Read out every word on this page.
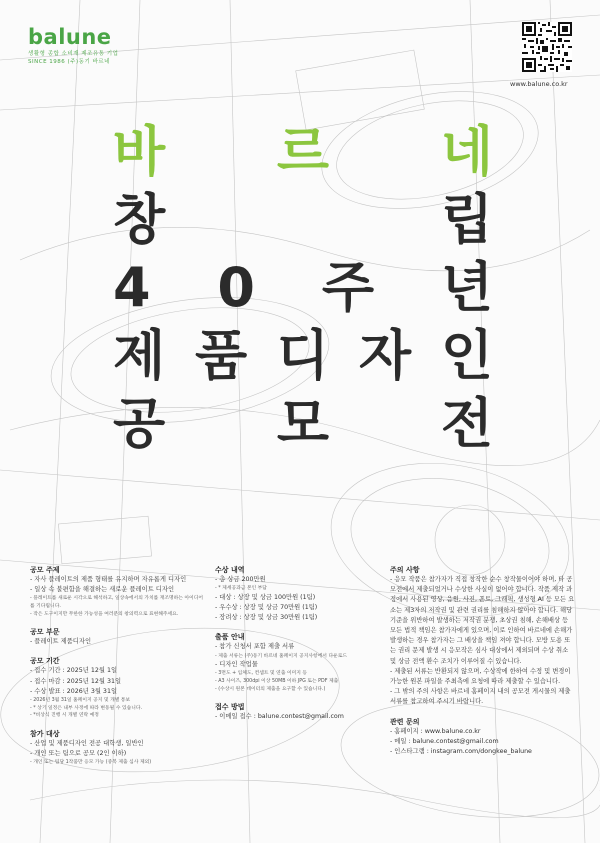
balune
생활형 종합 소비재 제조유통 기업
SINCE 1986 (주)동기 바르네
www.balune.co.kr
바 르 네
창	립
4 0 주 년
제 품 디 자 인
공 모 전
공모 주제
- 자사 플레이트의 제품 형태를 유지하며 자유롭게 디자인
- 일상 속 불편함을 해결하는 새로운 플레이트 디자인
- 플레이트를 새로운 시각으로 해석하고, 일상속에서의 가치를 재조명하는 아이디어를 기다립니다.
- 작은 도구이지만 무한한 가능성을 여러분의 창의력으로 표현해주세요.
공모 부문
- 플레이트 제품디자인
공모 기간
- 접수 기간 : 2025년 12월 1일
- 접수 마감 : 2025년 12월 31일
- 수상 발표 : 2026년 3월 31일
- 2026년 3월 31일 홈페이지 공지 및 개별 통보
- * 상기 일정은 내부 사정에 따라 변동될 수 있습니다.
- *비상식 진행 시 개별 연락 예정
참가 대상
- 산업 및 제품디자인 전공 대학생, 일반인
- 개인 또는 팀으로 공모 (2인 이하)
- 개인 또는 팀당 1작품만 응모 가능 (중복 제출 심사 제외)
수상 내역
- 총 상금 200만원
- * 제세공과금 본인 부담
- 대상 : 상장 및 상금 100만원 (1팀)
- 우수상 : 상장 및 상금 70만원 (1팀)
- 장려상 : 상장 및 상금 30만원 (1팀)
출품 안내
- 참가 신청서 포함 제출 서류
- 제출 서류는 (주)동기 바르네 홈페이지 공지사항에서 다운로드
- 디자인 작업물
- 3면도 + 입체도, 컨셉트 및 연출 이미지 등
- A3 사이즈, 300dpi 이상 50MB 이하 JPG 또는 PDF 제출
- (수상시 원본 데이터의 제출을 요구할 수 있습니다.)
접수 방법
- 이메일 접수 : balune.contest@gmail.com
주의 사항
- 응모 작품은 참가자가 직접 창작한 순수 창작물이어야 하며, 타 공모전에서 제출되었거나 수상한 사실이 없어야 합니다. 작품 제작 과정에서 사용된 영상, 음원, 사진, 폰트, 그래픽, 생성형 AI 등 모든 요소는 제3자의 저작권 및 관련 권리를 침해하지 않아야 합니다. 해당 기준을 위반하여 발생하는 저작권 분쟁, 초상권 침해, 손해배상 등 모든 법적 책임은 참가자에게 있으며, 이로 인하여 바르네에 손해가 발생하는 경우 참가자는 그 배상을 책임 져야 합니다. 모방 도용 또는 권리 문제 발생 시 응모작은 심사 대상에서 제외되며 수상 취소 및 상금 전액 환수 조치가 이루어질 수 있습니다.
- 제출된 서류는 반환되지 않으며, 수상작에 한하여 수정 및 변경이 가능한 원본 파일을 주최측에 요청에 따라 제출할 수 있습니다.
- 그 밖의 주의 사항은 바르네 홈페이지 내의 공모전 게시물의 제출 서류를 참고하여 주시기 바랍니다.
관련 문의
- 홈페이지 : www.balune.co.kr
- 메일 : balune.contest@gmail.com
- 인스타그램 : instagram.com/dongkee_balune
